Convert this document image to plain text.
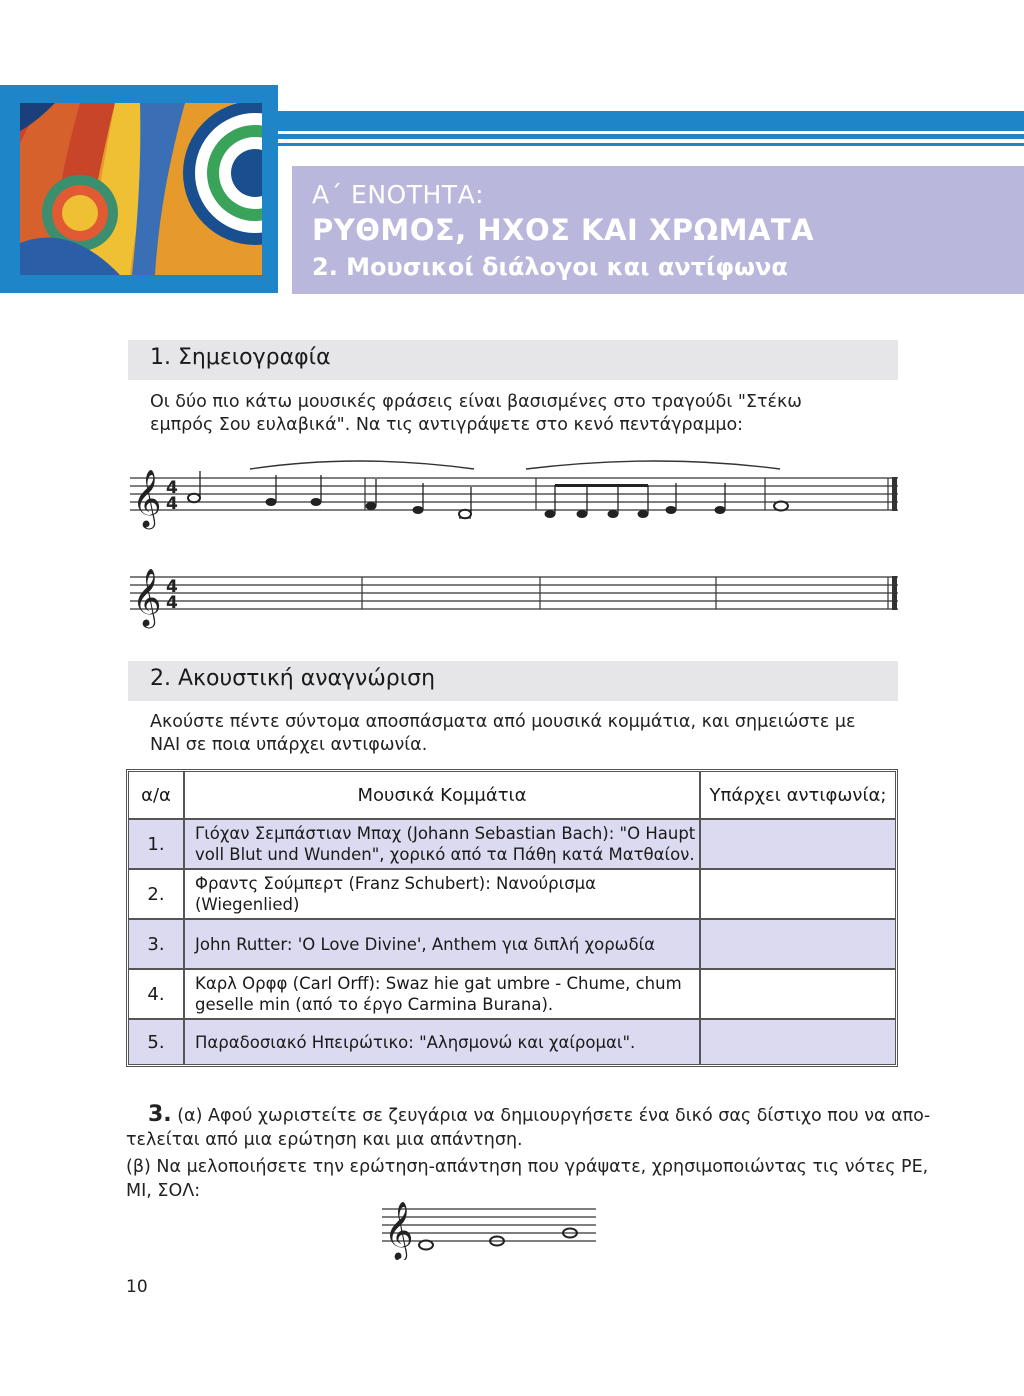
Α΄ ΕΝΟΤΗΤΑ:
ΡΥΘΜΟΣ, ΗΧΟΣ ΚΑΙ ΧΡΩΜΑΤΑ
2. Μουσικοί διάλογοι και αντίφωνα
1. Σημειογραφία
Οι δύο πιο κάτω μουσικές φράσεις είναι βασισμένες στο τραγούδι "Στέκω
εμπρός Σου ευλαβικά". Να τις αντιγράψετε στο κενό πεντάγραμμο:
𝄞 4
4
𝄞 4
4
2. Ακουστική αναγνώριση
Ακούστε πέντε σύντομα αποσπάσματα από μουσικά κομμάτια, και σημειώστε με
ΝΑΙ σε ποια υπάρχει αντιφωνία.
α/α	Μουσικά Κομμάτια	Υπάρχει αντιφωνία;
1.	Γιόχαν Σεμπάστιαν Μπαχ (Johann Sebastian Bach): "O Haupt
voll Blut und Wunden", χορικό από τα Πάθη κατά Ματθαίον.
2.	Φραντς Σούμπερτ (Franz Schubert): Νανούρισμα (Wiegenlied)
3.	John Rutter: 'O Love Divine', Anthem για διπλή χορωδία
4.	Καρλ Ορφφ (Carl Orff): Swaz hie gat umbre - Chume, chum
geselle min (από το έργο Carmina Burana).
5.	Παραδοσιακό Ηπειρώτικο: "Αλησμονώ και χαίρομαι".
3. (α) Αφού χωριστείτε σε ζευγάρια να δημιουργήσετε ένα δικό σας δίστιχο που να απο-
τελείται από μια ερώτηση και μια απάντηση.
(β) Να μελοποιήσετε την ερώτηση-απάντηση που γράψατε, χρησιμοποιώντας τις νότες ΡΕ,
ΜΙ, ΣΟΛ:
𝄞
10
